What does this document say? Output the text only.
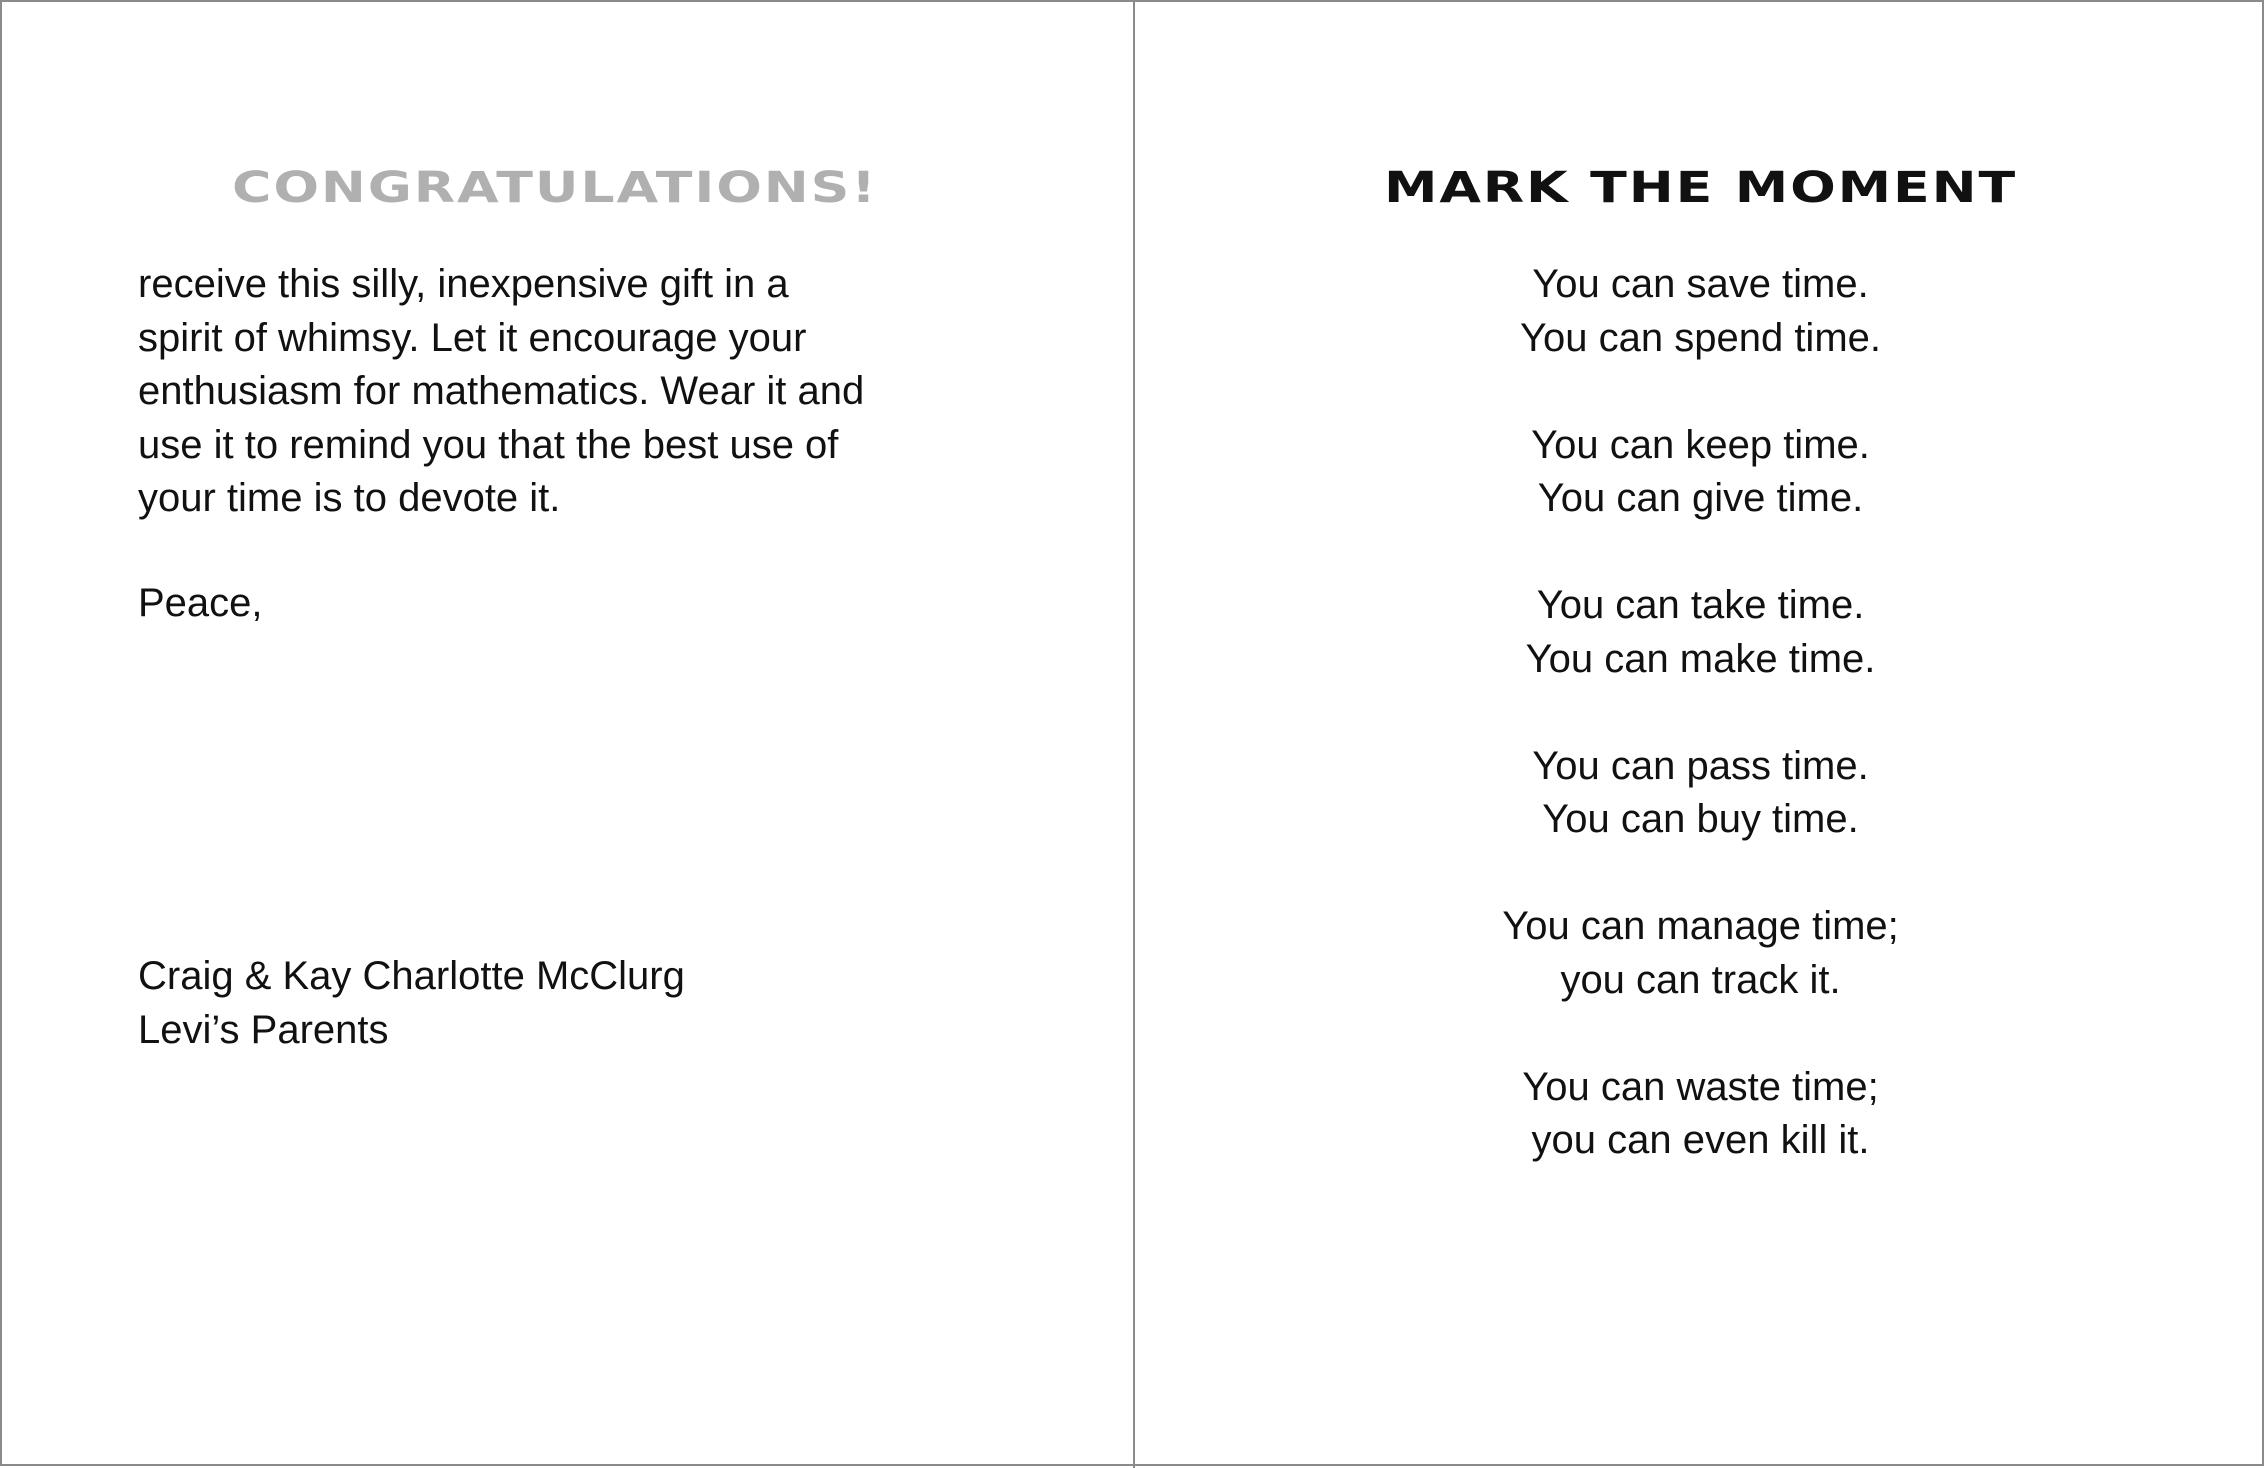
CONGRATULATIONS!

receive this silly, inexpensive gift in a

spirit of whimsy. Let it encourage your

enthusiasm for mathematics. Wear it and

use it to remind you that the best use of

your time is to devote it.

Peace,
Craig & Kay Charlotte McClurg
Levi’s Parents
MARK THE MOMENT
You can save time.
You can spend time.
You can keep time.
You can give time.
You can take time.
You can make time.
You can pass time.
You can buy time.
You can manage time;
you can track it.
You can waste time;
you can even kill it.
